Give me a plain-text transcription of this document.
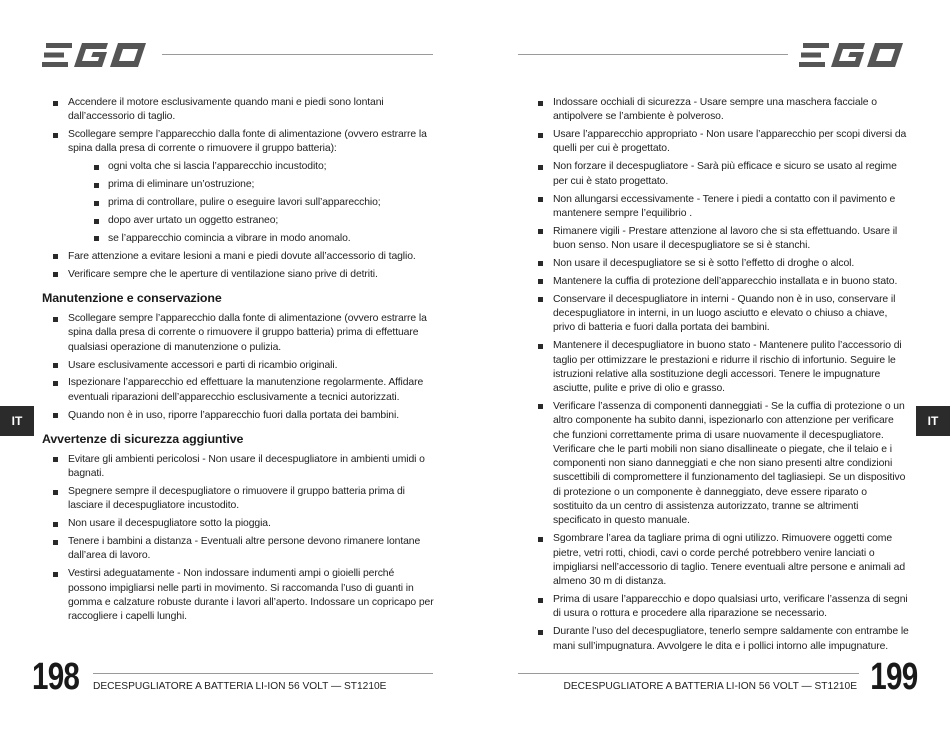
Accendere il motore esclusivamente quando mani e piedi sono lontani dall’accessorio di taglio.
Scollegare sempre l’apparecchio dalla fonte di alimentazione (ovvero estrarre la spina dalla presa di corrente o rimuovere il gruppo batteria):
ogni volta che si lascia l’apparecchio incustodito;
prima di eliminare un’ostruzione;
prima di controllare, pulire o eseguire lavori sull’apparecchio;
dopo aver urtato un oggetto estraneo;
se l’apparecchio comincia a vibrare in modo anomalo.
Fare attenzione a evitare lesioni a mani e piedi dovute all’accessorio di taglio.
Verificare sempre che le aperture di ventilazione siano prive di detriti.
Manutenzione e conservazione
Scollegare sempre l’apparecchio dalla fonte di alimentazione (ovvero estrarre la spina dalla presa di corrente o rimuovere il gruppo batteria) prima di effettuare qualsiasi operazione di manutenzione o pulizia.
Usare esclusivamente accessori e parti di ricambio originali.
Ispezionare l’apparecchio ed effettuare la manutenzione regolarmente. Affidare eventuali riparazioni dell’apparecchio esclusivamente a tecnici autorizzati.
Quando non è in uso, riporre l’apparecchio fuori dalla portata dei bambini.
Avvertenze di sicurezza aggiuntive
Evitare gli ambienti pericolosi - Non usare il decespugliatore in ambienti umidi o bagnati.
Spegnere sempre il decespugliatore o rimuovere il gruppo batteria prima di lasciare il decespugliatore incustodito.
Non usare il decespugliatore sotto la pioggia.
Tenere i bambini a distanza - Eventuali altre persone devono rimanere lontane dall’area di lavoro.
Vestirsi adeguatamente - Non indossare indumenti ampi o gioielli perché possono impigliarsi nelle parti in movimento. Si raccomanda l’uso di guanti in gomma e calzature robuste durante i lavori all’aperto. Indossare un copricapo per raccogliere i capelli lunghi.
IT
198 DECESPUGLIATORE A BATTERIA LI-ION 56 VOLT — ST1210E
Indossare occhiali di sicurezza - Usare sempre una maschera facciale o antipolvere se l’ambiente è polveroso.
Usare l’apparecchio appropriato - Non usare l’apparecchio per scopi diversi da quelli per cui è progettato.
Non forzare il decespugliatore - Sarà più efficace e sicuro se usato al regime per cui è stato progettato.
Non allungarsi eccessivamente - Tenere i piedi a contatto con il pavimento e mantenere sempre l’equilibrio .
Rimanere vigili - Prestare attenzione al lavoro che si sta effettuando. Usare il buon senso. Non usare il decespugliatore se si è stanchi.
Non usare il decespugliatore se si è sotto l’effetto di droghe o alcol.
Mantenere la cuffia di protezione dell’apparecchio installata e in buono stato.
Conservare il decespugliatore in interni - Quando non è in uso, conservare il decespugliatore in interni, in un luogo asciutto e elevato o chiuso a chiave, privo di batteria e fuori dalla portata dei bambini.
Mantenere il decespugliatore in buono stato - Mantenere pulito l’accessorio di taglio per ottimizzare le prestazioni e ridurre il rischio di infortunio. Seguire le istruzioni relative alla sostituzione degli accessori. Tenere le impugnature asciutte, pulite e prive di olio e grasso.
Verificare l’assenza di componenti danneggiati - Se la cuffia di protezione o un altro componente ha subito danni, ispezionarlo con attenzione per verificare che funzioni correttamente prima di usare nuovamente il decespugliatore. Verificare che le parti mobili non siano disallineate o piegate, che il telaio e i componenti non siano danneggiati e che non siano presenti altre condizioni suscettibili di compromettere il funzionamento del tagliasiepi. Se un dispositivo di protezione o un componente è danneggiato, deve essere riparato o sostituito da un centro di assistenza autorizzato, tranne se altrimenti specificato in questo manuale.
Sgombrare l’area da tagliare prima di ogni utilizzo. Rimuovere oggetti come pietre, vetri rotti, chiodi, cavi o corde perché potrebbero venire lanciati o impigliarsi nell’accessorio di taglio. Tenere eventuali altre persone e animali ad almeno 30 m di distanza.
Prima di usare l’apparecchio e dopo qualsiasi urto, verificare l’assenza di segni di usura o rottura e procedere alla riparazione se necessario.
Durante l’uso del decespugliatore, tenerlo sempre saldamente con entrambe le mani sull’impugnatura. Avvolgere le dita e i pollici intorno alle impugnature.
IT
DECESPUGLIATORE A BATTERIA LI-ION 56 VOLT — ST1210E 199
